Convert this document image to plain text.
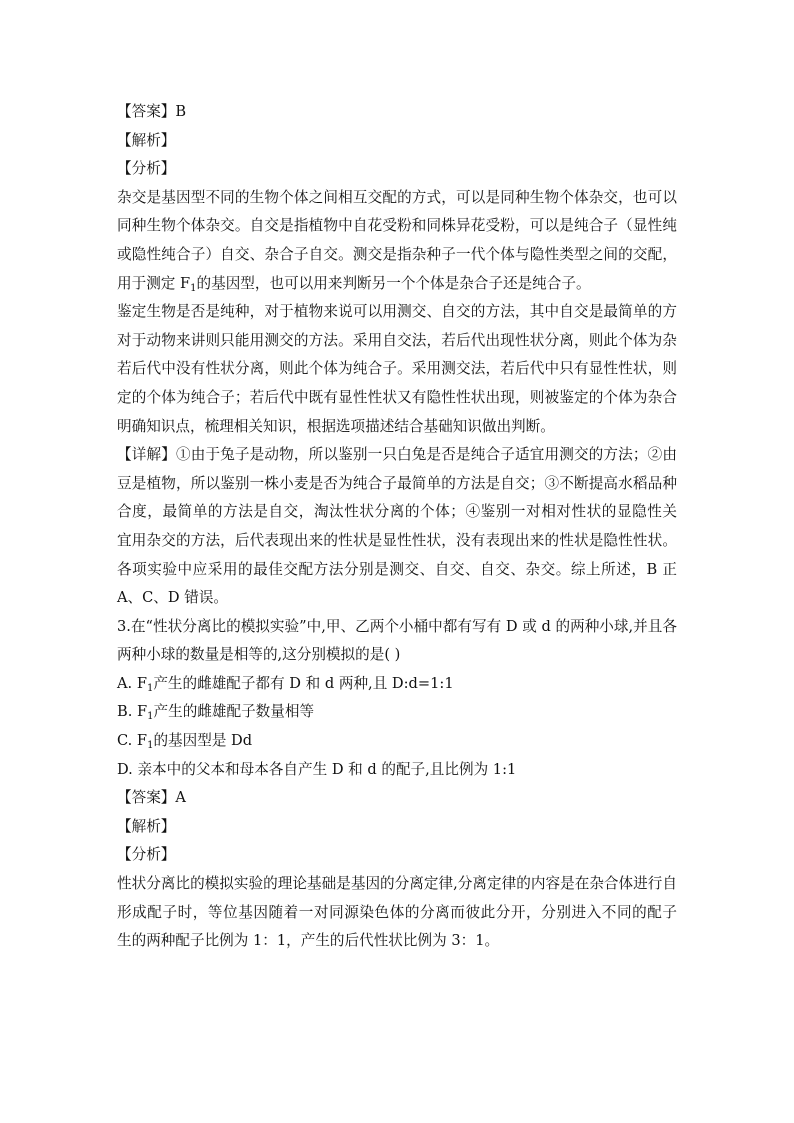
【答案】B
【解析】
【分析】
杂交是基因型不同的生物个体之间相互交配的方式，可以是同种生物个体杂交，也可以
同种生物个体杂交。自交是指植物中自花受粉和同株异花受粉，可以是纯合子（显性纯
或隐性纯合子）自交、杂合子自交。测交是指杂种子一代个体与隐性类型之间的交配，
用于测定 $F_1$的基因型，也可以用来判断另一个个体是杂合子还是纯合子。
鉴定生物是否是纯种，对于植物来说可以用测交、自交的方法，其中自交是最简单的方
对于动物来讲则只能用测交的方法。采用自交法，若后代出现性状分离，则此个体为杂
若后代中没有性状分离，则此个体为纯合子。采用测交法，若后代中只有显性性状，则
定的个体为纯合子；若后代中既有显性性状又有隐性性状出现，则被鉴定的个体为杂合
明确知识点，梳理相关知识，根据选项描述结合基础知识做出判断。
【详解】①由于兔子是动物，所以鉴别一只白兔是否是纯合子适宜用测交的方法；②由
豆是植物，所以鉴别一株小麦是否为纯合子最简单的方法是自交；③不断提高水稻品种
合度，最简单的方法是自交，淘汰性状分离的个体；④鉴别一对相对性状的显隐性关
宜用杂交的方法，后代表现出来的性状是显性性状，没有表现出来的性状是隐性性状。
各项实验中应采用的最佳交配方法分别是测交、自交、自交、杂交。综上所述，B 正
A、C、D 错误。
3.在“性状分离比的模拟实验”中,甲、乙两个小桶中都有写有 D 或 d 的两种小球,并且各
两种小球的数量是相等的,这分别模拟的是( )
A. $F_1$产生的雌雄配子都有 D 和 d 两种,且 D:d=1:1
B. $F_1$产生的雌雄配子数量相等
C. $F_1$的基因型是 Dd
D. 亲本中的父本和母本各自产生 D 和 d 的配子,且比例为 1:1
【答案】A
【解析】
【分析】
性状分离比的模拟实验的理论基础是基因的分离定律,分离定律的内容是在杂合体进行自
形成配子时，等位基因随着一对同源染色体的分离而彼此分开，分别进入不同的配子
生的两种配子比例为 1：1，产生的后代性状比例为 3：1。
